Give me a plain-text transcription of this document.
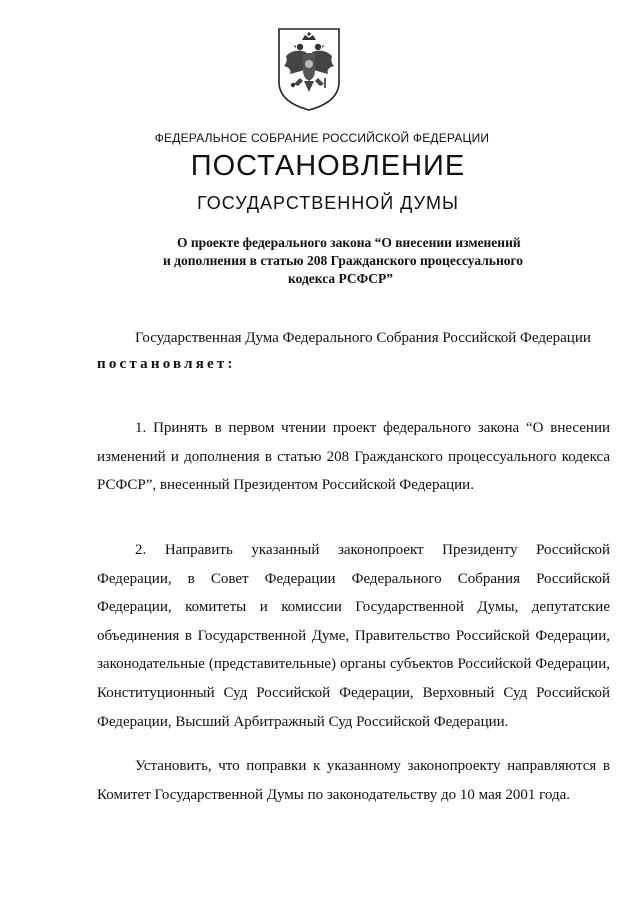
ФЕДЕРАЛЬНОЕ СОБРАНИЕ РОССИЙСКОЙ ФЕДЕРАЦИИ
ПОСТАНОВЛЕНИЕ
ГОСУДАРСТВЕННОЙ ДУМЫ
О проекте федерального закона “О внесении изменений
и дополнения в статью 208 Гражданского процессуального
кодекса РСФСР”
Государственная Дума Федерального Собрания Российской Федерации
постановляет:
1. Принять в первом чтении проект федерального закона “О внесении изменений и дополнения в статью 208 Гражданского процессуального кодекса РСФСР”, внесенный Президентом Российской Федерации.
2. Направить указанный законопроект Президенту Российской Федерации, в Совет Федерации Федерального Собрания Российской Федерации, комитеты и комиссии Государственной Думы, депутатские объединения в Государственной Думе, Правительство Российской Федерации, законодательные (представительные) органы субъектов Российской Федерации, Конституционный Суд Российской Федерации, Верховный Суд Российской Федерации, Высший Арбитражный Суд Российской Федерации.
Установить, что поправки к указанному законопроекту направляются в Комитет Государственной Думы по законодательству до 10 мая 2001 года.
